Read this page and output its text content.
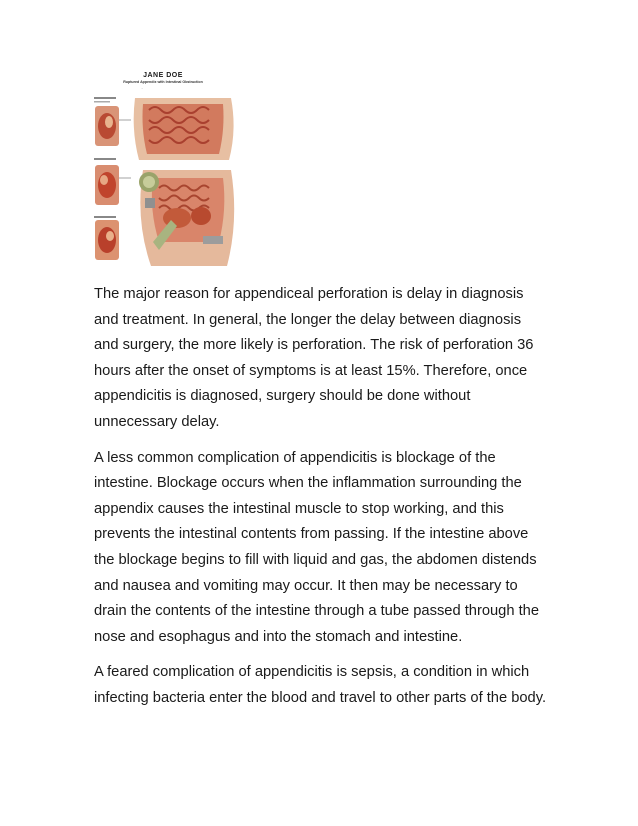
JANE DOE
Ruptured Appendix with Intestinal Obstruction
...

The major reason for appendiceal perforation is delay in diagnosis
and treatment. In general, the longer the delay between diagnosis
and surgery, the more likely is perforation. The risk of perforation 36
hours after the onset of symptoms is at least 15%. Therefore, once
appendicitis is diagnosed, surgery should be done without
unnecessary delay.

A less common complication of appendicitis is blockage of the
intestine. Blockage occurs when the inflammation surrounding the
appendix causes the intestinal muscle to stop working, and this
prevents the intestinal contents from passing. If the intestine above
the blockage begins to fill with liquid and gas, the abdomen distends
and nausea and vomiting may occur. It then may be necessary to
drain the contents of the intestine through a tube passed through the
nose and esophagus and into the stomach and intestine.

A feared complication of appendicitis is sepsis, a condition in which
infecting bacteria enter the blood and travel to other parts of the body.
